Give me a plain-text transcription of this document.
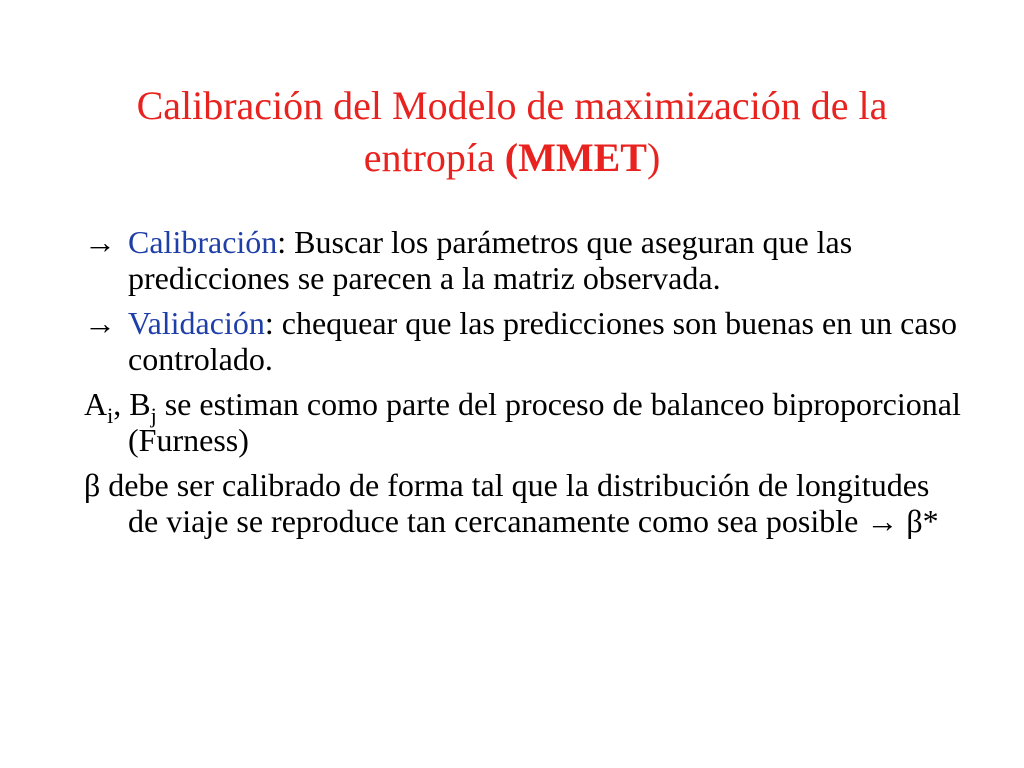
Calibración del Modelo de maximización de la
entropía (MMET)

→ Calibración: Buscar los parámetros que aseguran que las predicciones se parecen a la matriz observada.

→ Validación: chequear que las predicciones son buenas en un caso controlado.

$A_i$, $B_j$ se estiman como parte del proceso de balanceo biproporcional (Furness)

β debe ser calibrado de forma tal que la distribución de longitudes de viaje se reproduce tan cercanamente como sea posible → β*
